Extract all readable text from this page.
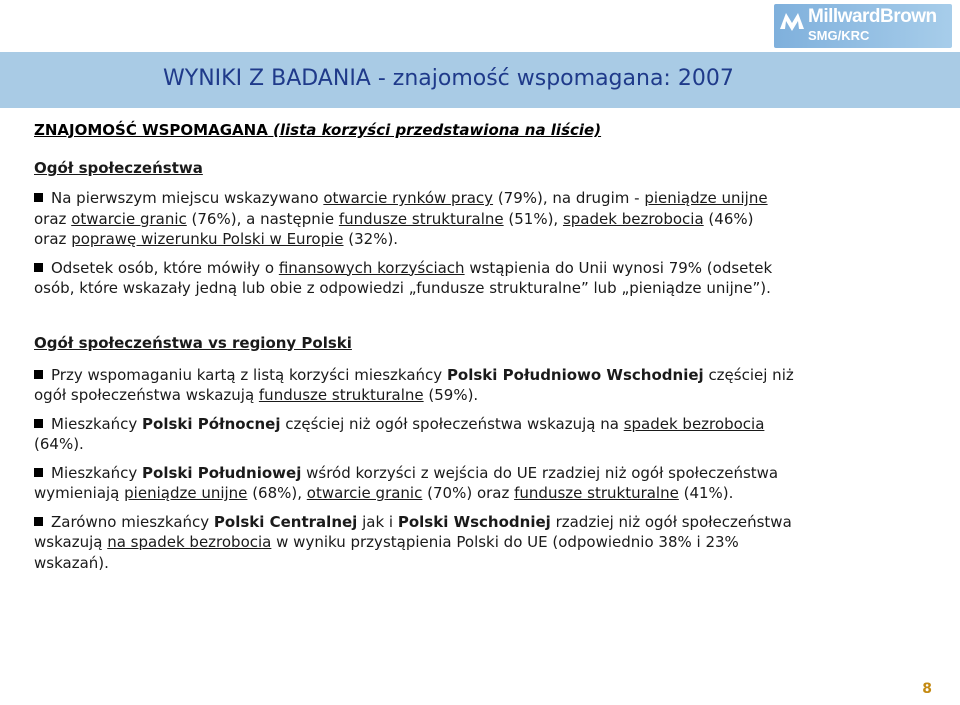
MillwardBrown
SMG/KRC
WYNIKI Z BADANIA - znajomość wspomagana: 2007

ZNAJOMOŚĆ WSPOMAGANA (lista korzyści przedstawiona na liście)

Ogół społeczeństwa

Na pierwszym miejscu wskazywano otwarcie rynków pracy (79%), na drugim - pieniądze unijne
oraz otwarcie granic (76%), a następnie fundusze strukturalne (51%), spadek bezrobocia (46%)
oraz poprawę wizerunku Polski w Europie (32%).

Odsetek osób, które mówiły o finansowych korzyściach wstąpienia do Unii wynosi 79% (odsetek
osób, które wskazały jedną lub obie z odpowiedzi „fundusze strukturalne” lub „pieniądze unijne”).

Ogół społeczeństwa vs regiony Polski

Przy wspomaganiu kartą z listą korzyści mieszkańcy Polski Południowo Wschodniej częściej niż
ogół społeczeństwa wskazują fundusze strukturalne (59%).

Mieszkańcy Polski Północnej częściej niż ogół społeczeństwa wskazują na spadek bezrobocia
(64%).

Mieszkańcy Polski Południowej wśród korzyści z wejścia do UE rzadziej niż ogół społeczeństwa
wymieniają pieniądze unijne (68%), otwarcie granic (70%) oraz fundusze strukturalne (41%).

Zarówno mieszkańcy Polski Centralnej jak i Polski Wschodniej rzadziej niż ogół społeczeństwa
wskazują na spadek bezrobocia w wyniku przystąpienia Polski do UE (odpowiednio 38% i 23%
wskazań).

8
